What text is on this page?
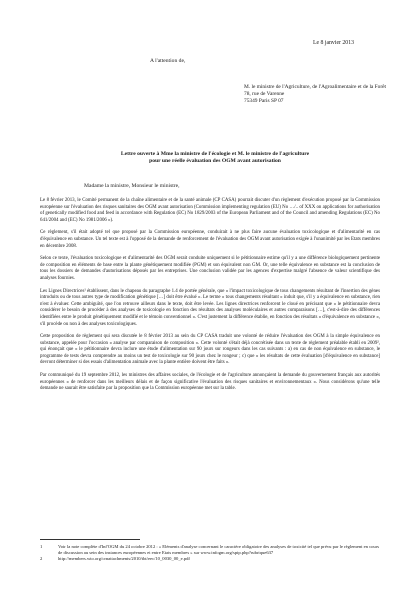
Le 8 janvier 2013
A l'attention de,
M. le ministre de l'Agriculture, de l'Agroalimentaire et de la Forêt
78, rue de Varenne
75349 Paris SP 07
Lettre ouverte à Mme la ministre de l'écologie et M. le ministre de l'agriculture
pour une réelle évaluation des OGM avant autorisation
Madame la ministre, Monsieur le ministre,

Le 8 février 2013, le Comité permanent de la chaîne alimentaire et de la santé animale (CP CASA) pourrait discuter d'un règlement d'exécution proposé par la Commission européenne sur l'évaluation des risques sanitaires des OGM avant autorisation (Commission implementing regulation (EU) No …/.. of XXX on applications for authorisation of genetically modified food and feed in accordance with Regulation (EC) No 1829/2003 of the European Parliament and of the Council and amending Regulations (EC) No 641/2004 and (EC) No 1981/2006 »).

Ce règlement, s'il était adopté tel que proposé par la Commission européenne, conduirait à ne plus faire aucune évaluation toxicologique et d'alimentarité en cas d'équivalence en substance. Un tel texte est à l'opposé de la demande de renforcement de l'évaluation des OGM avant autorisation exigée à l'unanimité par les Etats membres en décembre 2008.

Selon ce texte, l'évaluation toxicologique et d'alimentarité des OGM serait conduite uniquement si le pétitionnaire estime qu'il y a une différence biologiquement pertinente de composition en éléments de base entre la plante génétiquement modifiée (PGM) et son équivalent non GM. Or, une telle équivalence en substance est la conclusion de tous les dossiers de demandes d'autorisations déposés par les entreprises. Une conclusion validée par les agences d'expertise malgré l'absence de valeur scientifique des analyses fournies.

Les Lignes Directrices¹ établissent, dans le chapeau du paragraphe 1.4 de portée générale, que « l'impact toxicologique de tous changements résultant de l'insertion des gènes introduits ou de tous autres type de modification génétique […] doit être évalué ». Le terme « tous changements résultant » induit que, s'il y a équivalence en substance, rien n'est à évaluer. Cette ambiguïté, que l'on retrouve ailleurs dans le texte, doit être levée. Les lignes directrices renforcent le cloué en précisant que « le pétitionnaire devra considérer le besoin de procéder à des analyses de toxicologie en fonction des résultats des analyses moléculaires et autres comparaisons […], c'est-à-dire des différences identifiées entre le produit génétiquement modifié et le témoin conventionnel ». C'est justement la différence établie, en fonction des résultats « d'équivalence en substance », s'il procède ou non à des analyses toxicologiques.

Cette proposition de règlement qui sera discutée le 8 février 2013 au sein du CP CASA traduit une volonté de réduire l'évaluation des OGM à la simple équivalence en substance, appelée pour l'occasion « analyse par comparaison de composition ». Cette volonté s'était déjà concrétisée dans un texte de règlement préalable établi en 2009², qui énonçait que « le pétitionnaire devra inclure une étude d'alimentation sur 90 jours sur rongeurs dans les cas suivants : a) en cas de non équivalence en substance, le programme de tests devra comprendre au moins un test de toxicologie sur 90 jours chez le rongeur ; c) que « les résultats de cette évaluation [d'équivalence en substance] devront déterminer si des essais d'alimentation animale avec la plante entière doivent être faits ».

Par communiqué du 19 septembre 2012, les ministres des affaires sociales, de l'écologie et de l'agriculture annonçaient la demande du gouvernement français aux autorités européennes « de renforcer dans les meilleurs délais et de façon significative l'évaluation des risques sanitaires et environnementaux ». Nous considérons qu'une telle demande ne saurait être satisfaite par la proposition que la Commission européenne met sur la table.

1	Voir la note complète d'Inf'OGM du 24 octobre 2012 : « Eléments d'analyse concernant le caractère obligatoire des analyses de toxicité tel que prévu par le règlement en cours de discussion au sein des instances européennes et entre Etats membres » sur www.infogm.org/spip.php?rubrique637
2	http://members.wto.org/crnattachments/2010/tbt/eec/10_0030_00_e.pdf
